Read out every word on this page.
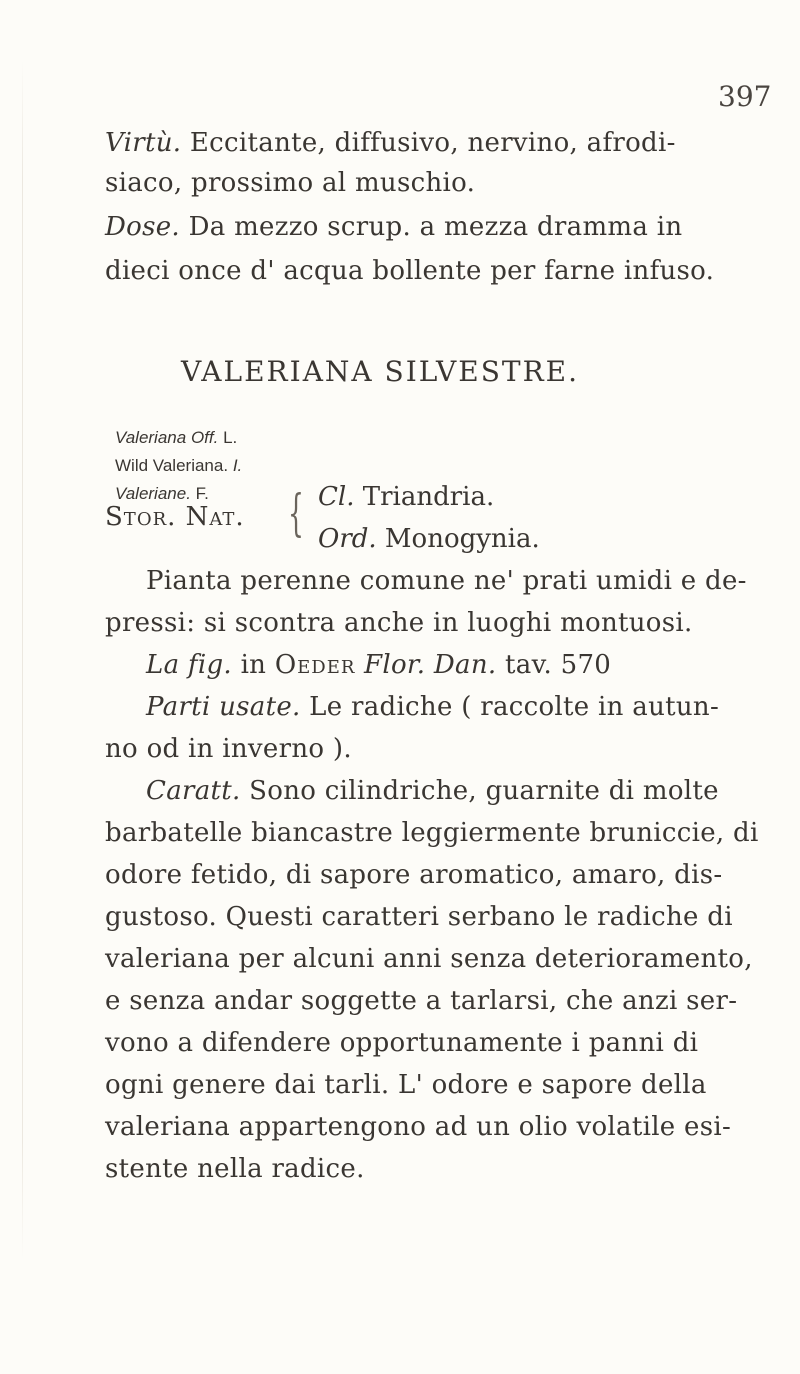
397
Virtù. Eccitante, diffusivo, nervino, afrodi-
siaco, prossimo al muschio.
Dose. Da mezzo scrup. a mezza dramma in
dieci once d' acqua bollente per farne infuso.
VALERIANA SILVESTRE.
Valeriana Off. L.
Wild Valeriana. I.
Valeriane. F.
Stor. Nat. { Cl. Triandria.
Ord. Monogynia.
Pianta perenne comune ne' prati umidi e de-
pressi: si scontra anche in luoghi montuosi.
La fig. in Oeder Flor. Dan. tav. 570
Parti usate. Le radiche ( raccolte in autun-
no od in inverno ).
Caratt. Sono cilindriche, guarnite di molte
barbatelle biancastre leggiermente bruniccie, di
odore fetido, di sapore aromatico, amaro, dis-
gustoso. Questi caratteri serbano le radiche di
valeriana per alcuni anni senza deterioramento,
e senza andar soggette a tarlarsi, che anzi ser-
vono a difendere opportunamente i panni di
ogni genere dai tarli. L' odore e sapore della
valeriana appartengono ad un olio volatile esi-
stente nella radice.
